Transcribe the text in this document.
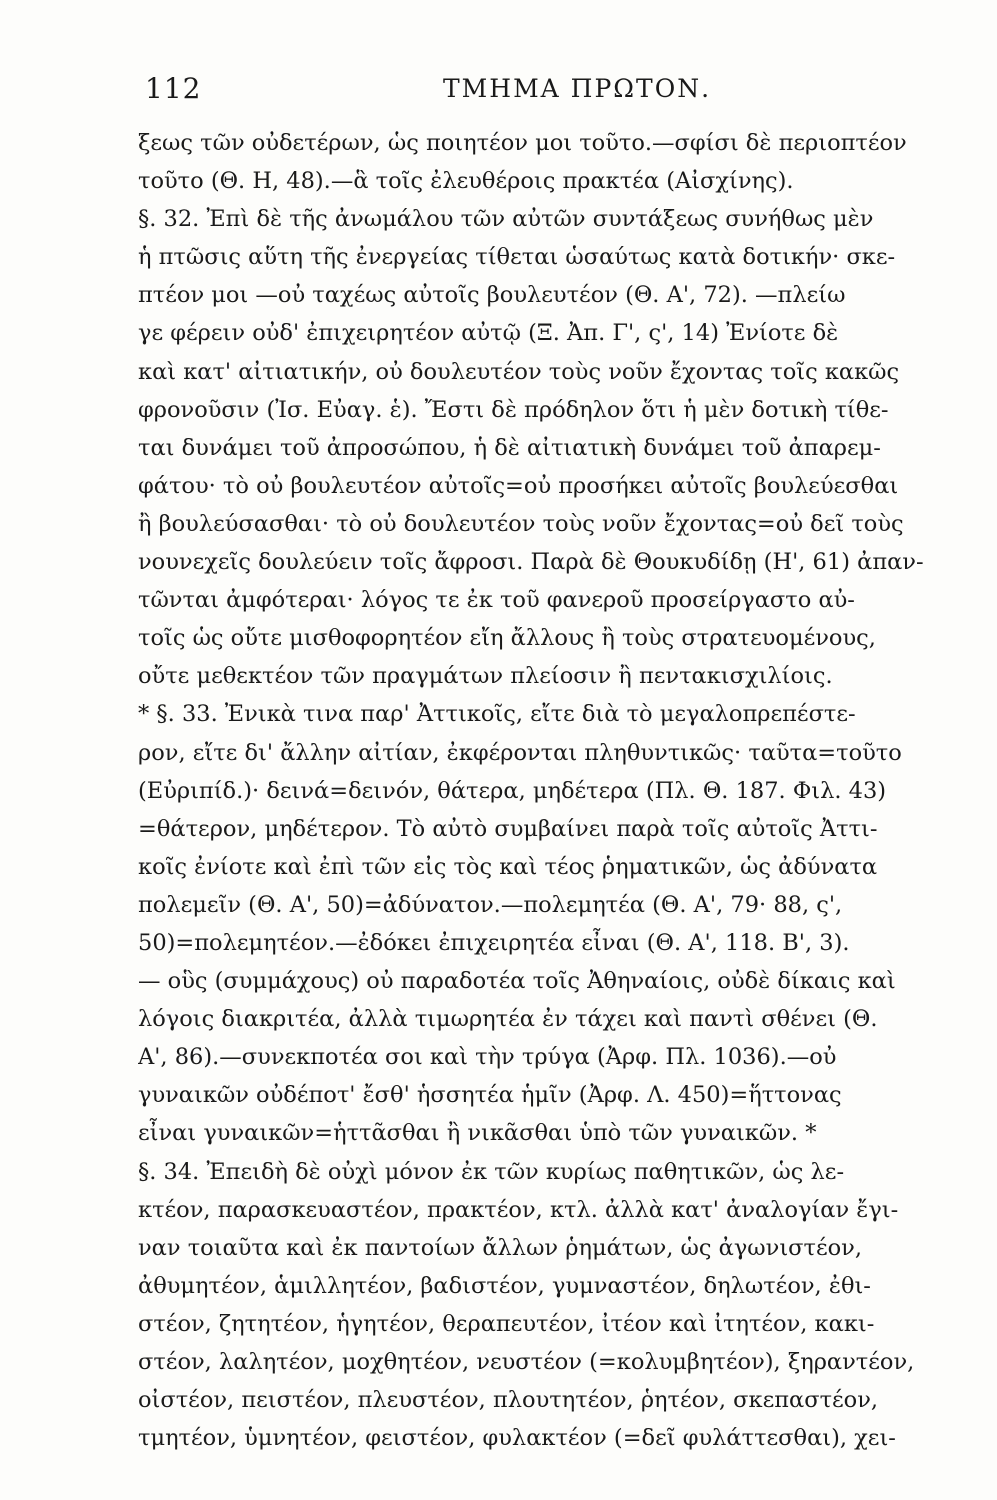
112	ΤΜΗΜΑ ΠΡΩΤΟΝ.
ξεως τῶν οὐδετέρων, ὡς ποιητέον μοι τοῦτο.—σφίσι δὲ περιοπτέον
τοῦτο (Θ. Η, 48).—ἃ τοῖς ἐλευθέροις πρακτέα (Αἰσχίνης).
§. 32. Ἐπὶ δὲ τῆς ἀνωμάλου τῶν αὐτῶν συντάξεως συνήθως μὲν
ἡ πτῶσις αὕτη τῆς ἐνεργείας τίθεται ὡσαύτως κατὰ δοτικήν· σκε-
πτέον μοι —οὐ ταχέως αὐτοῖς βουλευτέον (Θ. Α', 72). —πλείω
γε φέρειν οὐδ' ἐπιχειρητέον αὐτῷ (Ξ. Ἀπ. Γ', ς', 14) Ἐνίοτε δὲ
καὶ κατ' αἰτιατικήν, οὐ δουλευτέον τοὺς νοῦν ἔχοντας τοῖς κακῶς
φρονοῦσιν (Ἰσ. Εὐαγ. ἑ). Ἔστι δὲ πρόδηλον ὅτι ἡ μὲν δοτικὴ τίθε-
ται δυνάμει τοῦ ἀπροσώπου, ἡ δὲ αἰτιατικὴ δυνάμει τοῦ ἀπαρεμ-
φάτου· τὸ οὐ βουλευτέον αὐτοῖς=οὐ προσήκει αὐτοῖς βουλεύεσθαι
ἢ βουλεύσασθαι· τὸ οὐ δουλευτέον τοὺς νοῦν ἔχοντας=οὐ δεῖ τοὺς
νουνεχεῖς δουλεύειν τοῖς ἄφροσι. Παρὰ δὲ Θουκυδίδῃ (Η', 61) ἀπαν-
τῶνται ἀμφότεραι· λόγος τε ἐκ τοῦ φανεροῦ προσείργαστο αὐ-
τοῖς ὡς οὔτε μισθοφορητέον εἴη ἄλλους ἢ τοὺς στρατευομένους,
οὔτε μεθεκτέον τῶν πραγμάτων πλείοσιν ἢ πεντακισχιλίοις.
* §. 33. Ἐνικὰ τινα παρ' Ἀττικοῖς, εἴτε διὰ τὸ μεγαλοπρεπέστε-
ρον, εἴτε δι' ἄλλην αἰτίαν, ἐκφέρονται πληθυντικῶς· ταῦτα=τοῦτο
(Εὐριπίδ.)· δεινά=δεινόν, θάτερα, μηδέτερα (Πλ. Θ. 187. Φιλ. 43)
=θάτερον, μηδέτερον. Τὸ αὐτὸ συμβαίνει παρὰ τοῖς αὐτοῖς Ἀττι-
κοῖς ἐνίοτε καὶ ἐπὶ τῶν εἰς τὸς καὶ τέος ῥηματικῶν, ὡς ἀδύνατα
πολεμεῖν (Θ. Α', 50)=ἀδύνατον.—πολεμητέα (Θ. Α', 79· 88, ς',
50)=πολεμητέον.—ἐδόκει ἐπιχειρητέα εἶναι (Θ. Α', 118. Β', 3).
— οὓς (συμμάχους) οὐ παραδοτέα τοῖς Ἀθηναίοις, οὐδὲ δίκαις καὶ
λόγοις διακριτέα, ἀλλὰ τιμωρητέα ἐν τάχει καὶ παντὶ σθένει (Θ.
Α', 86).—συνεκποτέα σοι καὶ τὴν τρύγα (Ἀρφ. Πλ. 1036).—οὐ
γυναικῶν οὐδέποτ' ἔσθ' ἡσσητέα ἡμῖν (Ἀρφ. Λ. 450)=ἥττονας
εἶναι γυναικῶν=ἡττᾶσθαι ἢ νικᾶσθαι ὑπὸ τῶν γυναικῶν. *
§. 34. Ἐπειδὴ δὲ οὐχὶ μόνον ἐκ τῶν κυρίως παθητικῶν, ὡς λε-
κτέον, παρασκευαστέον, πρακτέον, κτλ. ἀλλὰ κατ' ἀναλογίαν ἔγι-
ναν τοιαῦτα καὶ ἐκ παντοίων ἄλλων ῥημάτων, ὡς ἀγωνιστέον,
ἀθυμητέον, ἁμιλλητέον, βαδιστέον, γυμναστέον, δηλωτέον, ἐθι-
στέον, ζητητέον, ἡγητέον, θεραπευτέον, ἰτέον καὶ ἰτητέον, κακι-
στέον, λαλητέον, μοχθητέον, νευστέον (=κολυμβητέον), ξηραντέον,
οἰστέον, πειστέον, πλευστέον, πλουτητέον, ῥητέον, σκεπαστέον,
τμητέον, ὑμνητέον, φειστέον, φυλακτέον (=δεῖ φυλάττεσθαι), χει-
